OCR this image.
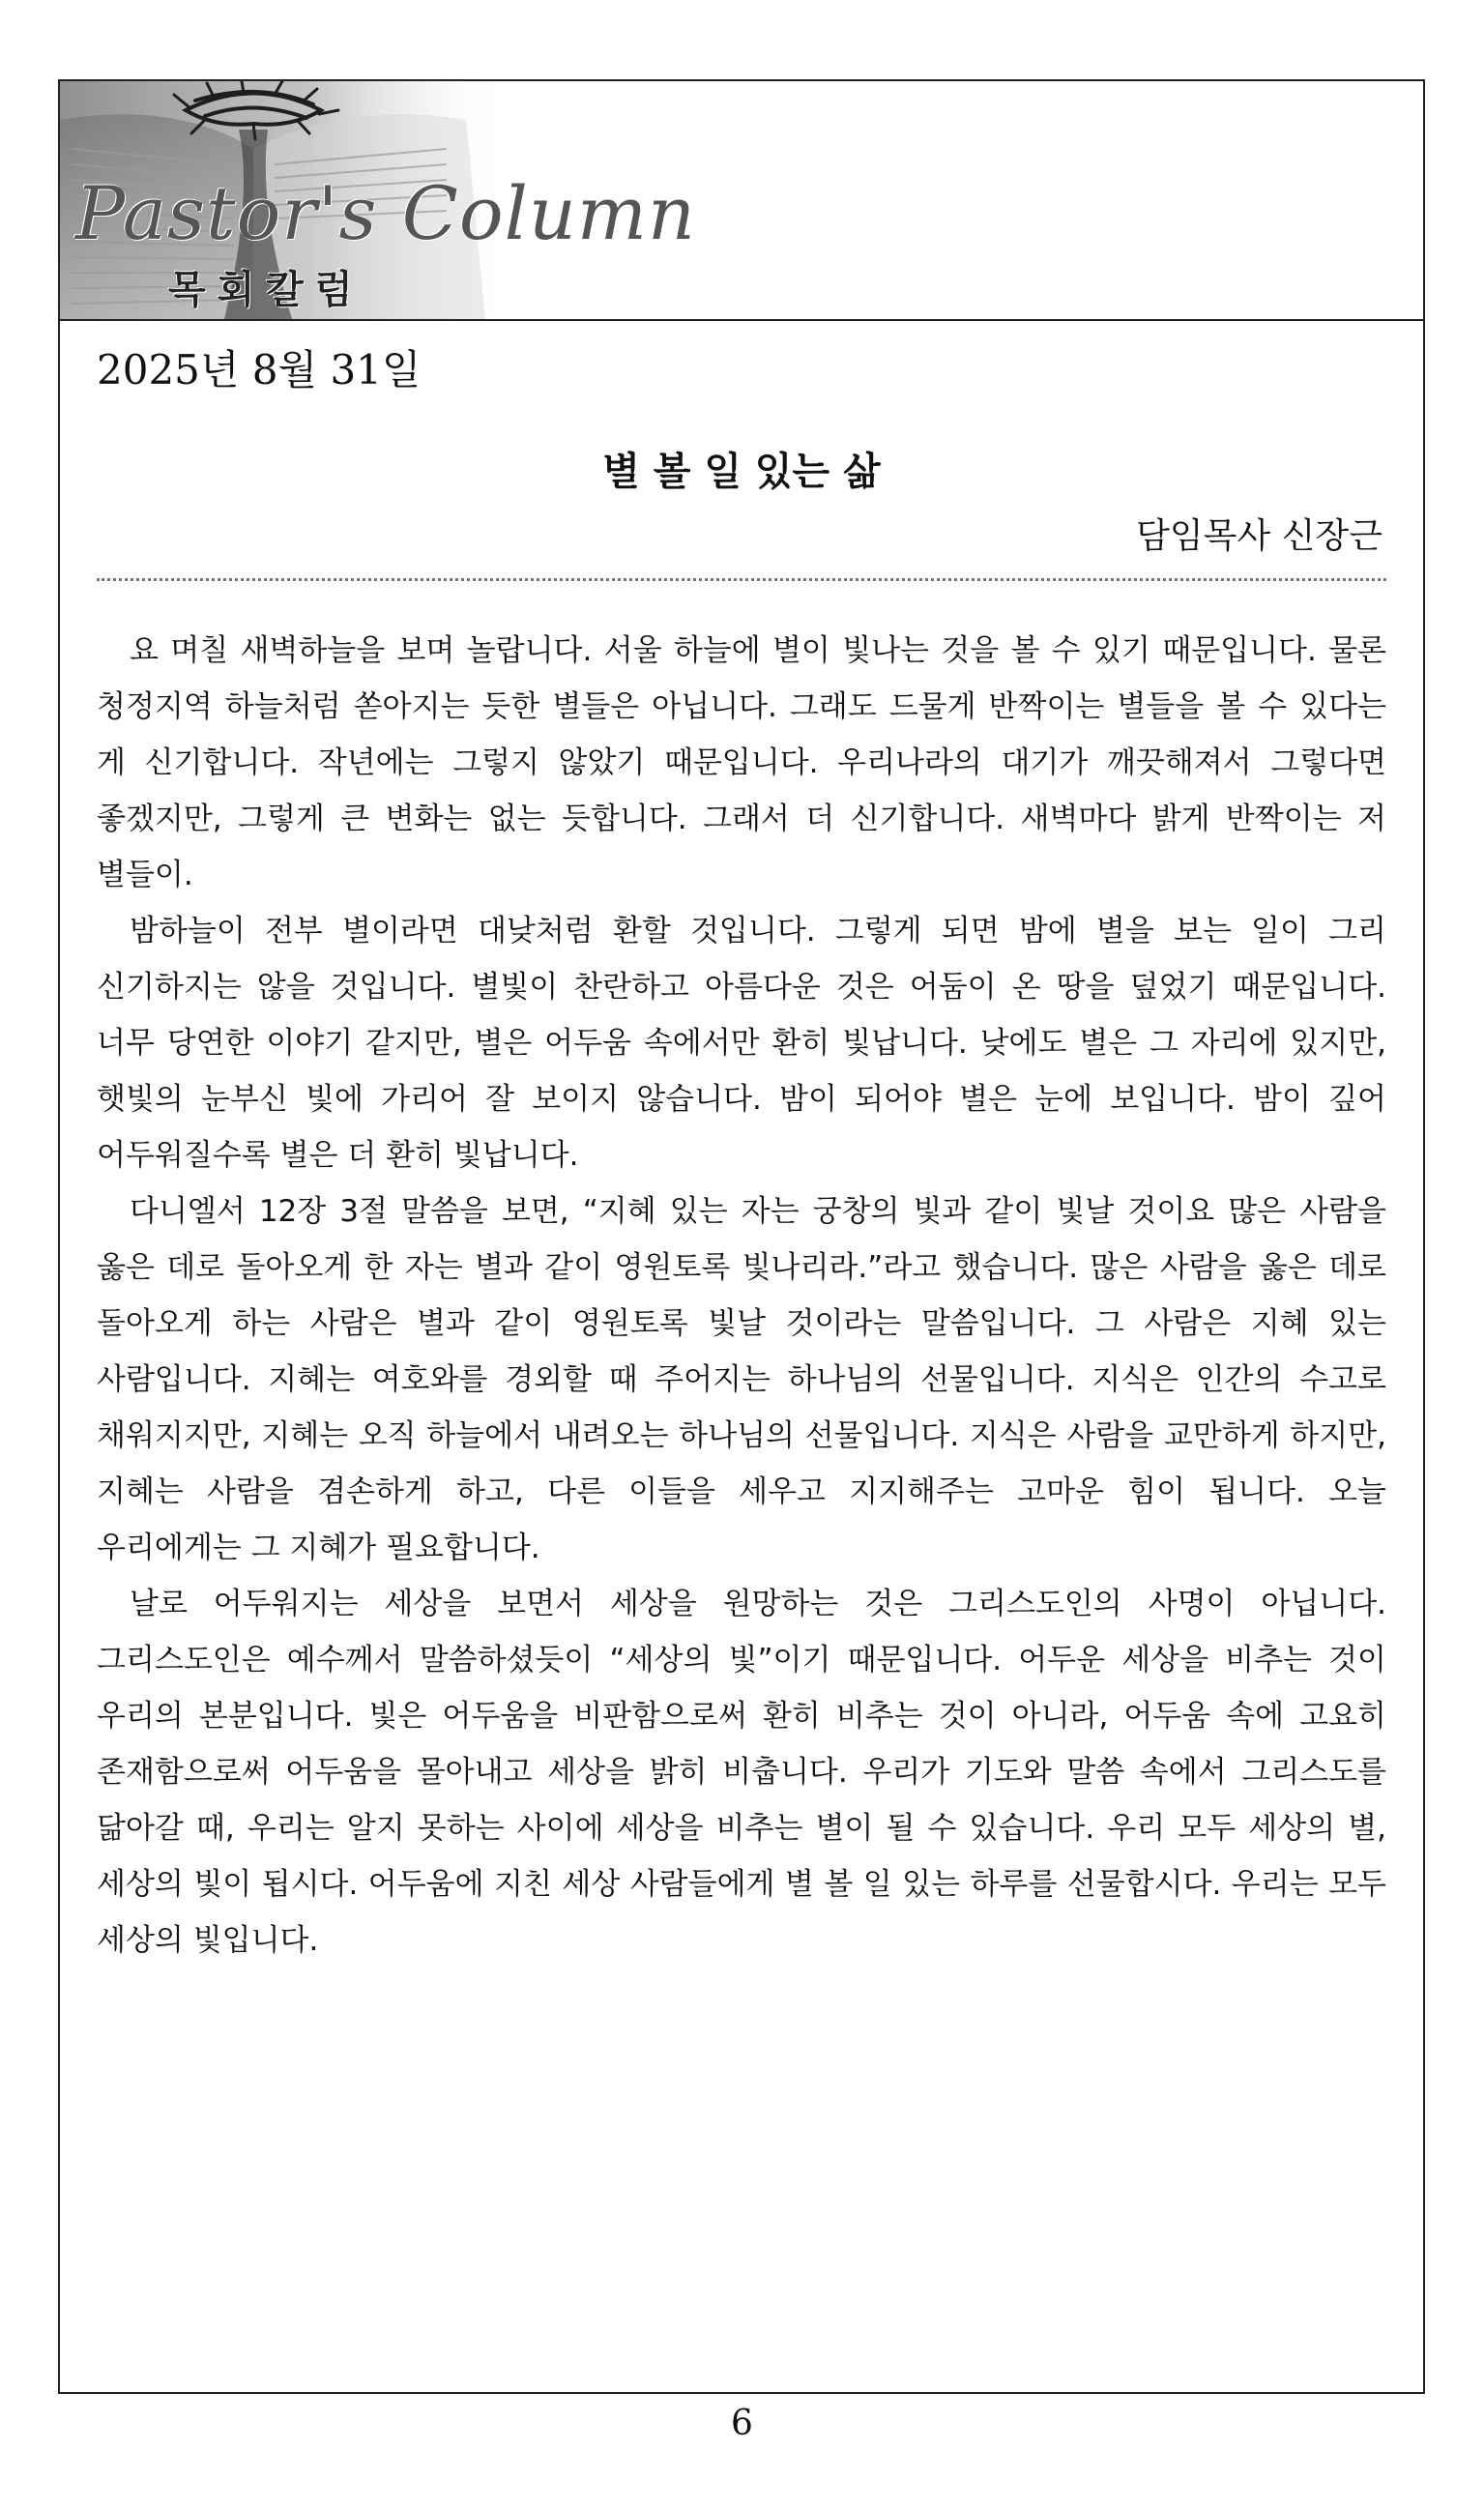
Pastor's Column
목회칼럼
2025년 8월 31일
별 볼 일 있는 삶
담임목사 신장근

요 며칠 새벽하늘을 보며 놀랍니다. 서울 하늘에 별이 빛나는 것을 볼 수 있기 때문입니다. 물론 청정지역 하늘처럼 쏟아지는 듯한 별들은 아닙니다. 그래도 드물게 반짝이는 별들을 볼 수 있다는 게 신기합니다. 작년에는 그렇지 않았기 때문입니다. 우리나라의 대기가 깨끗해져서 그렇다면 좋겠지만, 그렇게 큰 변화는 없는 듯합니다. 그래서 더 신기합니다. 새벽마다 밝게 반짝이는 저 별들이.

밤하늘이 전부 별이라면 대낮처럼 환할 것입니다. 그렇게 되면 밤에 별을 보는 일이 그리 신기하지는 않을 것입니다. 별빛이 찬란하고 아름다운 것은 어둠이 온 땅을 덮었기 때문입니다. 너무 당연한 이야기 같지만, 별은 어두움 속에서만 환히 빛납니다. 낮에도 별은 그 자리에 있지만, 햇빛의 눈부신 빛에 가리어 잘 보이지 않습니다. 밤이 되어야 별은 눈에 보입니다. 밤이 깊어 어두워질수록 별은 더 환히 빛납니다.

다니엘서 12장 3절 말씀을 보면, “지혜 있는 자는 궁창의 빛과 같이 빛날 것이요 많은 사람을 옳은 데로 돌아오게 한 자는 별과 같이 영원토록 빛나리라.”라고 했습니다. 많은 사람을 옳은 데로 돌아오게 하는 사람은 별과 같이 영원토록 빛날 것이라는 말씀입니다. 그 사람은 지혜 있는 사람입니다. 지혜는 여호와를 경외할 때 주어지는 하나님의 선물입니다. 지식은 인간의 수고로 채워지지만, 지혜는 오직 하늘에서 내려오는 하나님의 선물입니다. 지식은 사람을 교만하게 하지만, 지혜는 사람을 겸손하게 하고, 다른 이들을 세우고 지지해주는 고마운 힘이 됩니다. 오늘 우리에게는 그 지혜가 필요합니다.

날로 어두워지는 세상을 보면서 세상을 원망하는 것은 그리스도인의 사명이 아닙니다. 그리스도인은 예수께서 말씀하셨듯이 “세상의 빛”이기 때문입니다. 어두운 세상을 비추는 것이 우리의 본분입니다. 빛은 어두움을 비판함으로써 환히 비추는 것이 아니라, 어두움 속에 고요히 존재함으로써 어두움을 몰아내고 세상을 밝히 비춥니다. 우리가 기도와 말씀 속에서 그리스도를 닮아갈 때, 우리는 알지 못하는 사이에 세상을 비추는 별이 될 수 있습니다. 우리 모두 세상의 별, 세상의 빛이 됩시다. 어두움에 지친 세상 사람들에게 별 볼 일 있는 하루를 선물합시다. 우리는 모두 세상의 빛입니다.

6
